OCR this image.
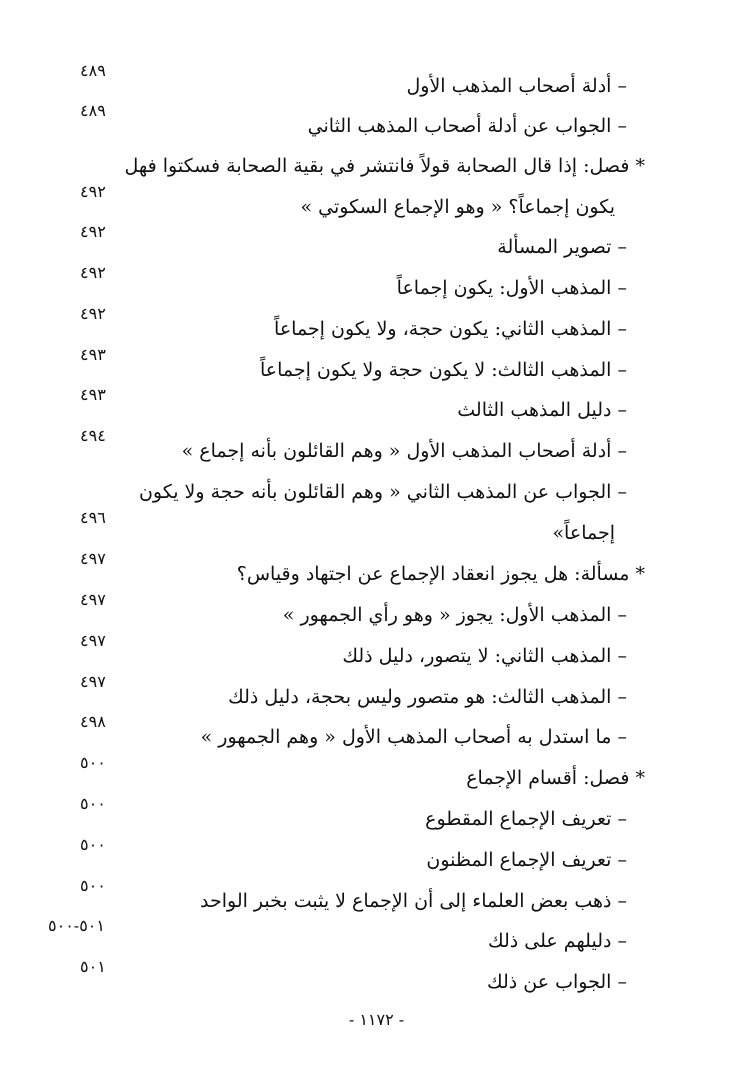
– أدلة أصحاب المذهب الأول
٤٨٩
– الجواب عن أدلة أصحاب المذهب الثاني
٤٨٩
* فصل: إذا قال الصحابة قولاً فانتشر في بقية الصحابة فسكتوا فهل
يكون إجماعاً؟ « وهو الإجماع السكوتي »
٤٩٢
– تصوير المسألة
٤٩٢
– المذهب الأول: يكون إجماعاً
٤٩٢
– المذهب الثاني: يكون حجة، ولا يكون إجماعاً
٤٩٢
– المذهب الثالث: لا يكون حجة ولا يكون إجماعاً
٤٩٣
– دليل المذهب الثالث
٤٩٣
– أدلة أصحاب المذهب الأول « وهم القائلون بأنه إجماع »
٤٩٤
– الجواب عن المذهب الثاني « وهم القائلون بأنه حجة ولا يكون
إجماعاً»
٤٩٦
* مسألة: هل يجوز انعقاد الإجماع عن اجتهاد وقياس؟
٤٩٧
– المذهب الأول: يجوز « وهو رأي الجمهور »
٤٩٧
– المذهب الثاني: لا يتصور، دليل ذلك
٤٩٧
– المذهب الثالث: هو متصور وليس بحجة، دليل ذلك
٤٩٧
– ما استدل به أصحاب المذهب الأول « وهم الجمهور »
٤٩٨
* فصل: أقسام الإجماع
٥٠٠
– تعريف الإجماع المقطوع
٥٠٠
– تعريف الإجماع المظنون
٥٠٠
– ذهب بعض العلماء إلى أن الإجماع لا يثبت بخبر الواحد
٥٠٠
– دليلهم على ذلك
٥٠١-٥٠٠
– الجواب عن ذلك
٥٠١
- ١١٧٢ -
